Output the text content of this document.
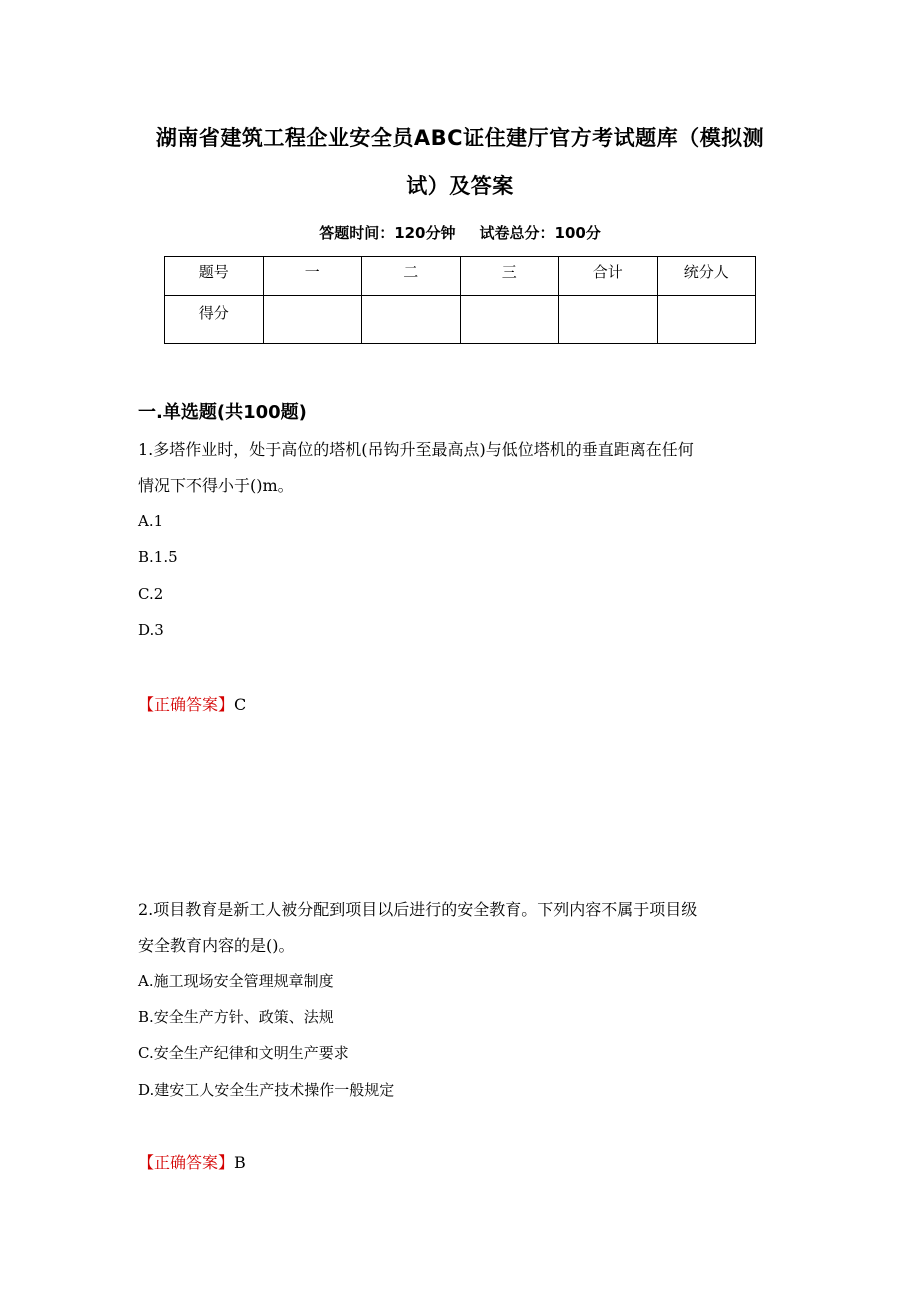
湖南省建筑工程企业安全员ABC证住建厅官方考试题库（模拟测
试）及答案
答题时间：120分钟 试卷总分：100分
题号	一	二	三	合计	统分人
得分					
一.单选题(共100题)
1.多塔作业时，处于高位的塔机(吊钩升至最高点)与低位塔机的垂直距离在任何
情况下不得小于()m。
A.1
B.1.5
C.2
D.3
【正确答案】C
2.项目教育是新工人被分配到项目以后进行的安全教育。下列内容不属于项目级
安全教育内容的是()。
A.施工现场安全管理规章制度
B.安全生产方针、政策、法规
C.安全生产纪律和文明生产要求
D.建安工人安全生产技术操作一般规定
【正确答案】B
